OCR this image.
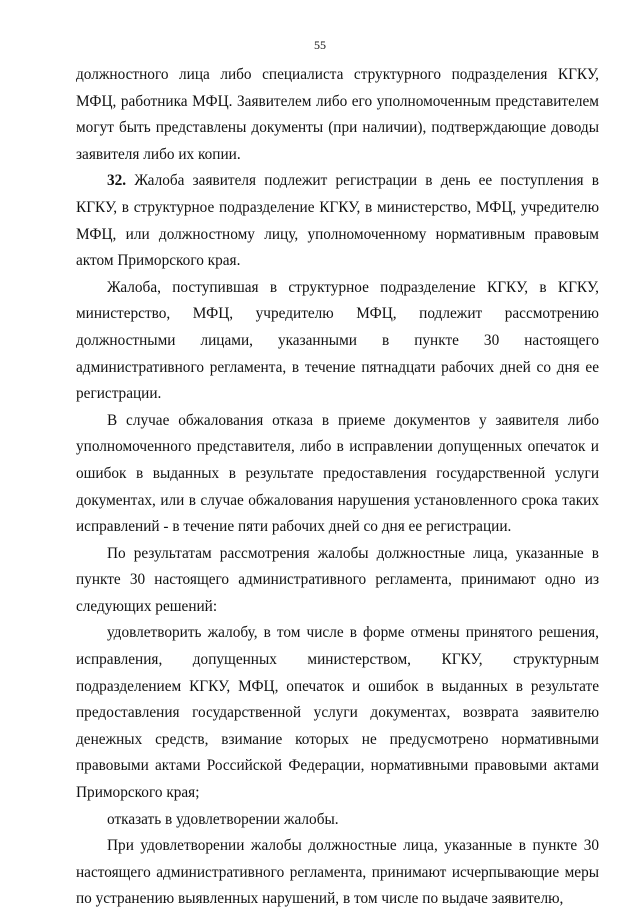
55

должностного лица либо специалиста структурного подразделения КГКУ, МФЦ, работника МФЦ. Заявителем либо его уполномоченным представителем могут быть представлены документы (при наличии), подтверждающие доводы заявителя либо их копии.

32. Жалоба заявителя подлежит регистрации в день ее поступления в КГКУ, в структурное подразделение КГКУ, в министерство, МФЦ, учредителю МФЦ, или должностному лицу, уполномоченному нормативным правовым актом Приморского края.

Жалоба, поступившая в структурное подразделение КГКУ, в КГКУ, министерство, МФЦ, учредителю МФЦ, подлежит рассмотрению должностными лицами, указанными в пункте 30 настоящего административного регламента, в течение пятнадцати рабочих дней со дня ее регистрации.

В случае обжалования отказа в приеме документов у заявителя либо уполномоченного представителя, либо в исправлении допущенных опечаток и ошибок в выданных в результате предоставления государственной услуги документах, или в случае обжалования нарушения установленного срока таких исправлений - в течение пяти рабочих дней со дня ее регистрации.

По результатам рассмотрения жалобы должностные лица, указанные в пункте 30 настоящего административного регламента, принимают одно из следующих решений:

удовлетворить жалобу, в том числе в форме отмены принятого решения, исправления, допущенных министерством, КГКУ, структурным подразделением КГКУ, МФЦ, опечаток и ошибок в выданных в результате предоставления государственной услуги документах, возврата заявителю денежных средств, взимание которых не предусмотрено нормативными правовыми актами Российской Федерации, нормативными правовыми актами Приморского края;

отказать в удовлетворении жалобы.

При удовлетворении жалобы должностные лица, указанные в пункте 30 настоящего административного регламента, принимают исчерпывающие меры по устранению выявленных нарушений, в том числе по выдаче заявителю,
